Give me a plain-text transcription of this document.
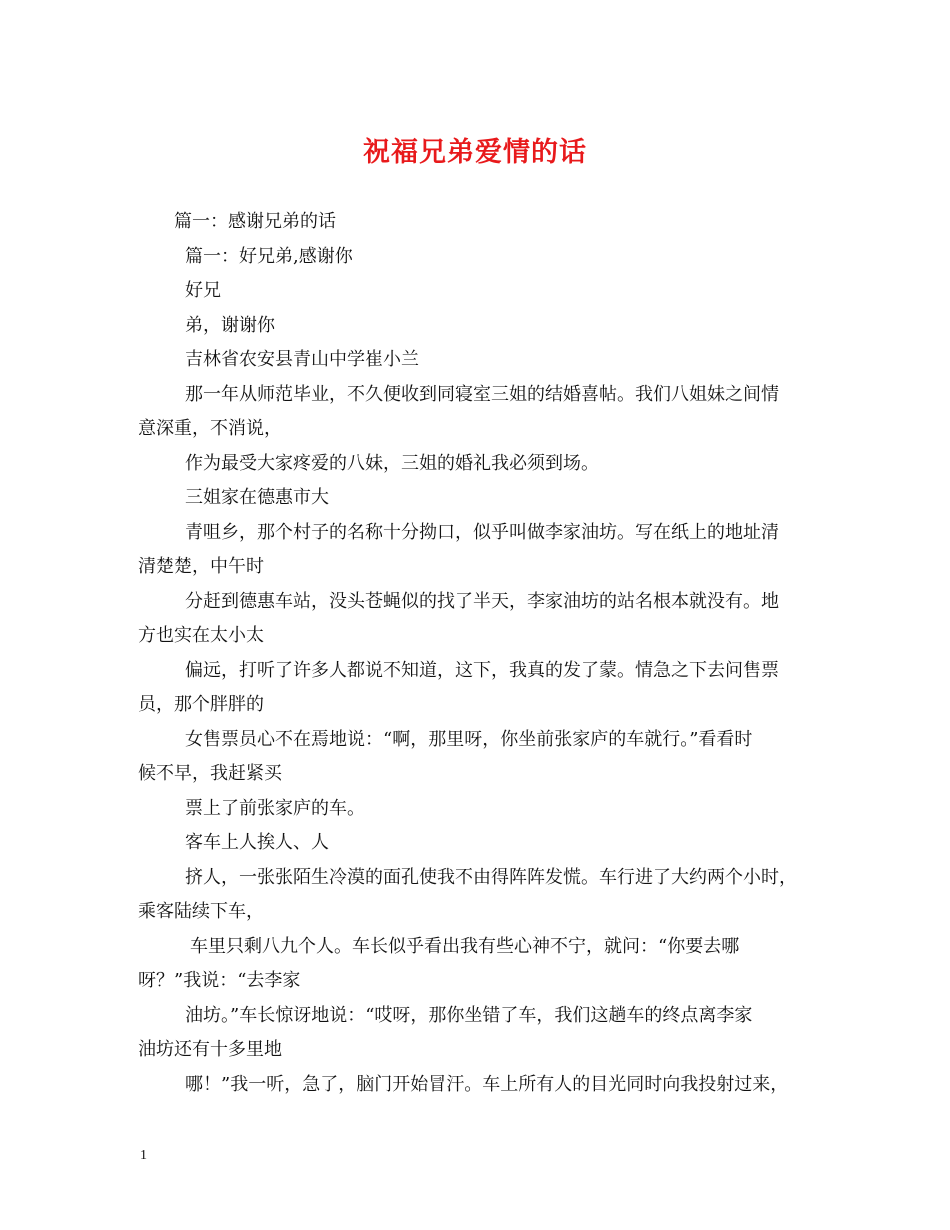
祝福兄弟爱情的话
篇一：感谢兄弟的话
篇一：好兄弟,感谢你
好兄
弟，谢谢你
吉林省农安县青山中学崔小兰
那一年从师范毕业，不久便收到同寝室三姐的结婚喜帖。我们八姐妹之间情
意深重，不消说，
作为最受大家疼爱的八妹，三姐的婚礼我必须到场。
三姐家在德惠市大
青咀乡，那个村子的名称十分拗口，似乎叫做李家油坊。写在纸上的地址清
清楚楚，中午时
分赶到德惠车站，没头苍蝇似的找了半天，李家油坊的站名根本就没有。地
方也实在太小太
偏远，打听了许多人都说不知道，这下，我真的发了蒙。情急之下去问售票
员，那个胖胖的
女售票员心不在焉地说：“啊，那里呀，你坐前张家庐的车就行。”看看时
候不早，我赶紧买
票上了前张家庐的车。
客车上人挨人、人
挤人，一张张陌生冷漠的面孔使我不由得阵阵发慌。车行进了大约两个小时，
乘客陆续下车，
车里只剩八九个人。车长似乎看出我有些心神不宁，就问：“你要去哪
呀？”我说：“去李家
油坊。”车长惊讶地说：“哎呀，那你坐错了车，我们这趟车的终点离李家
油坊还有十多里地
哪！”我一听，急了，脑门开始冒汗。车上所有人的目光同时向我投射过来，
1
